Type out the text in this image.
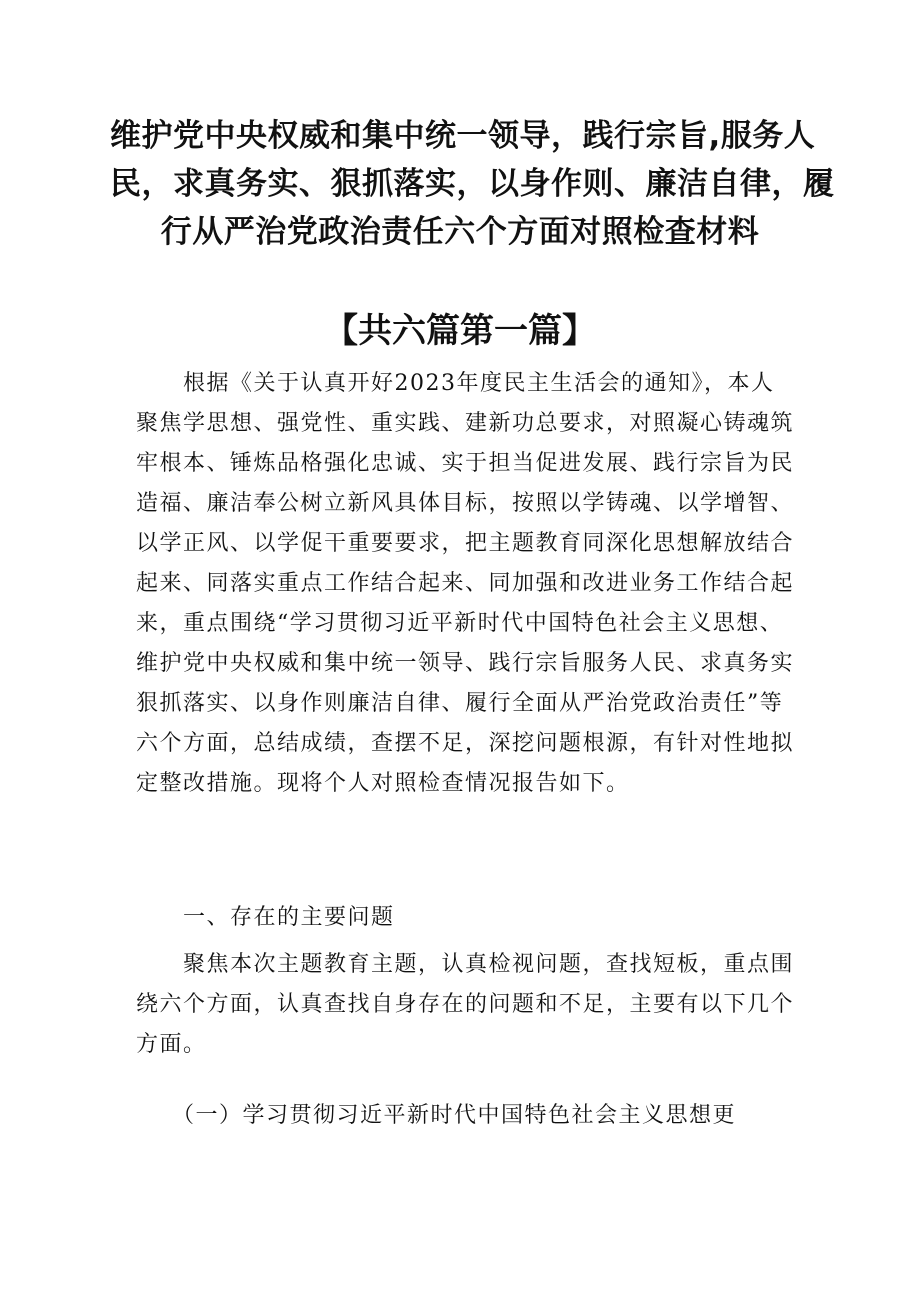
维护党中央权威和集中统一领导，践行宗旨,服务人
民，求真务实、狠抓落实，以身作则、廉洁自律，履
行从严治党政治责任六个方面对照检查材料
【共六篇第一篇】
　　根据《关于认真开好2023年度民主生活会的通知》，本人
聚焦学思想、强党性、重实践、建新功总要求，对照凝心铸魂筑
牢根本、锤炼品格强化忠诚、实于担当促进发展、践行宗旨为民
造福、廉洁奉公树立新风具体目标，按照以学铸魂、以学增智、
以学正风、以学促干重要要求，把主题教育同深化思想解放结合
起来、同落实重点工作结合起来、同加强和改进业务工作结合起
来，重点围绕“学习贯彻习近平新时代中国特色社会主义思想、
维护党中央权威和集中统一领导、践行宗旨服务人民、求真务实
狠抓落实、以身作则廉洁自律、履行全面从严治党政治责任”等
六个方面，总结成绩，查摆不足，深挖问题根源，有针对性地拟
定整改措施。现将个人对照检查情况报告如下。
　　一、存在的主要问题
　　聚焦本次主题教育主题，认真检视问题，查找短板，重点围
绕六个方面，认真查找自身存在的问题和不足，主要有以下几个
方面。
　　（一）学习贯彻习近平新时代中国特色社会主义思想更
